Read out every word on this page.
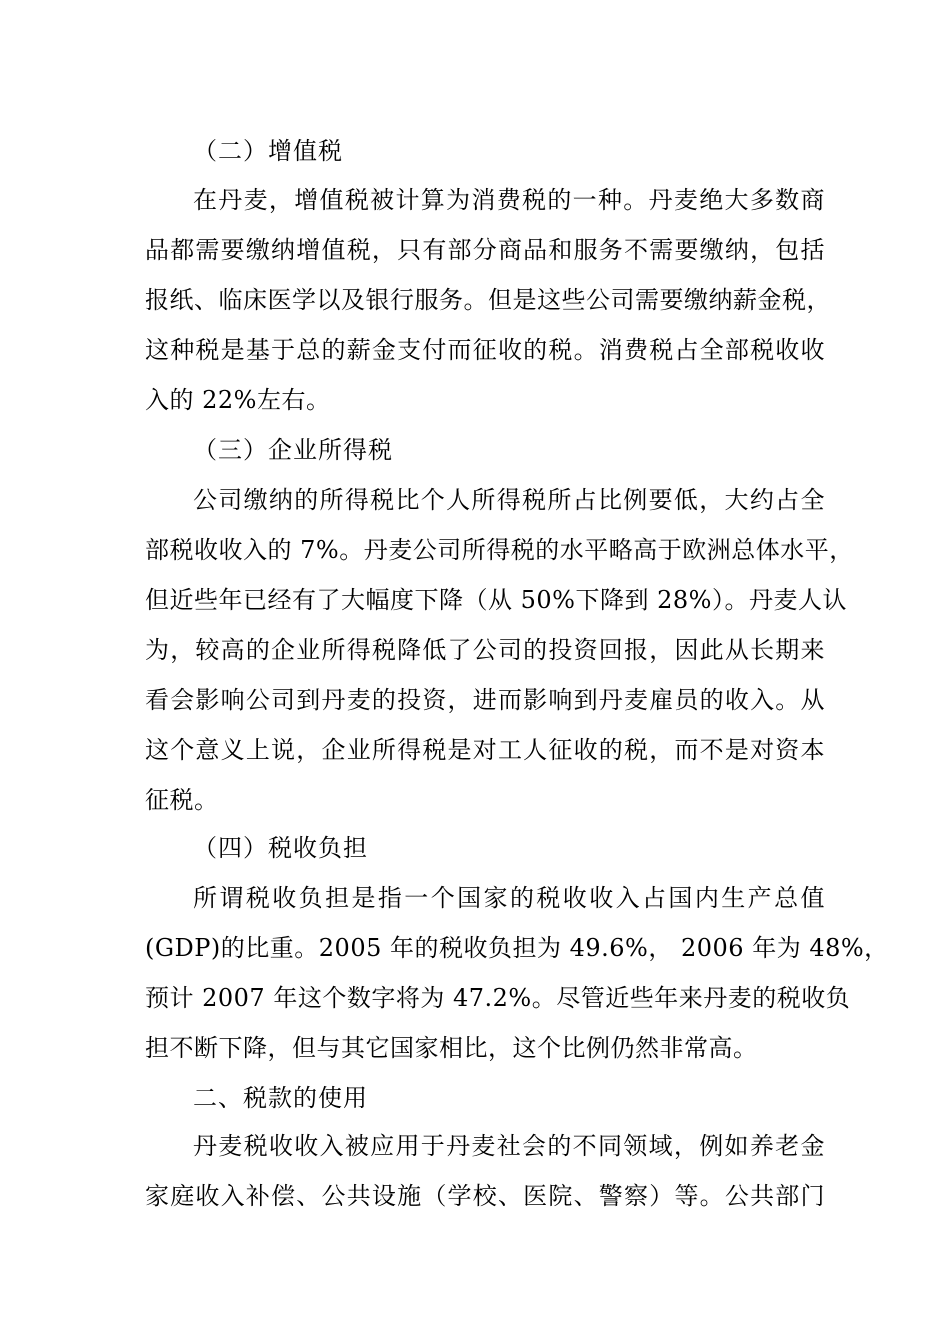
（二）增值税
在丹麦，增值税被计算为消费税的一种。丹麦绝大多数商
品都需要缴纳增值税，只有部分商品和服务不需要缴纳，包括
报纸、临床医学以及银行服务。但是这些公司需要缴纳薪金税，
这种税是基于总的薪金支付而征收的税。消费税占全部税收收
入的 22%左右。
（三）企业所得税
公司缴纳的所得税比个人所得税所占比例要低，大约占全
部税收收入的 7%。丹麦公司所得税的水平略高于欧洲总体水平，
但近些年已经有了大幅度下降（从 50%下降到 28%）。丹麦人认
为，较高的企业所得税降低了公司的投资回报，因此从长期来
看会影响公司到丹麦的投资，进而影响到丹麦雇员的收入。从
这个意义上说，企业所得税是对工人征收的税，而不是对资本
征税。
（四）税收负担
所谓税收负担是指一个国家的税收收入占国内生产总值
(GDP)的比重。2005 年的税收负担为 49.6%， 2006 年为 48%，
预计 2007 年这个数字将为 47.2%。尽管近些年来丹麦的税收负
担不断下降，但与其它国家相比，这个比例仍然非常高。
二、税款的使用
丹麦税收收入被应用于丹麦社会的不同领域，例如养老金
家庭收入补偿、公共设施（学校、医院、警察）等。公共部门
